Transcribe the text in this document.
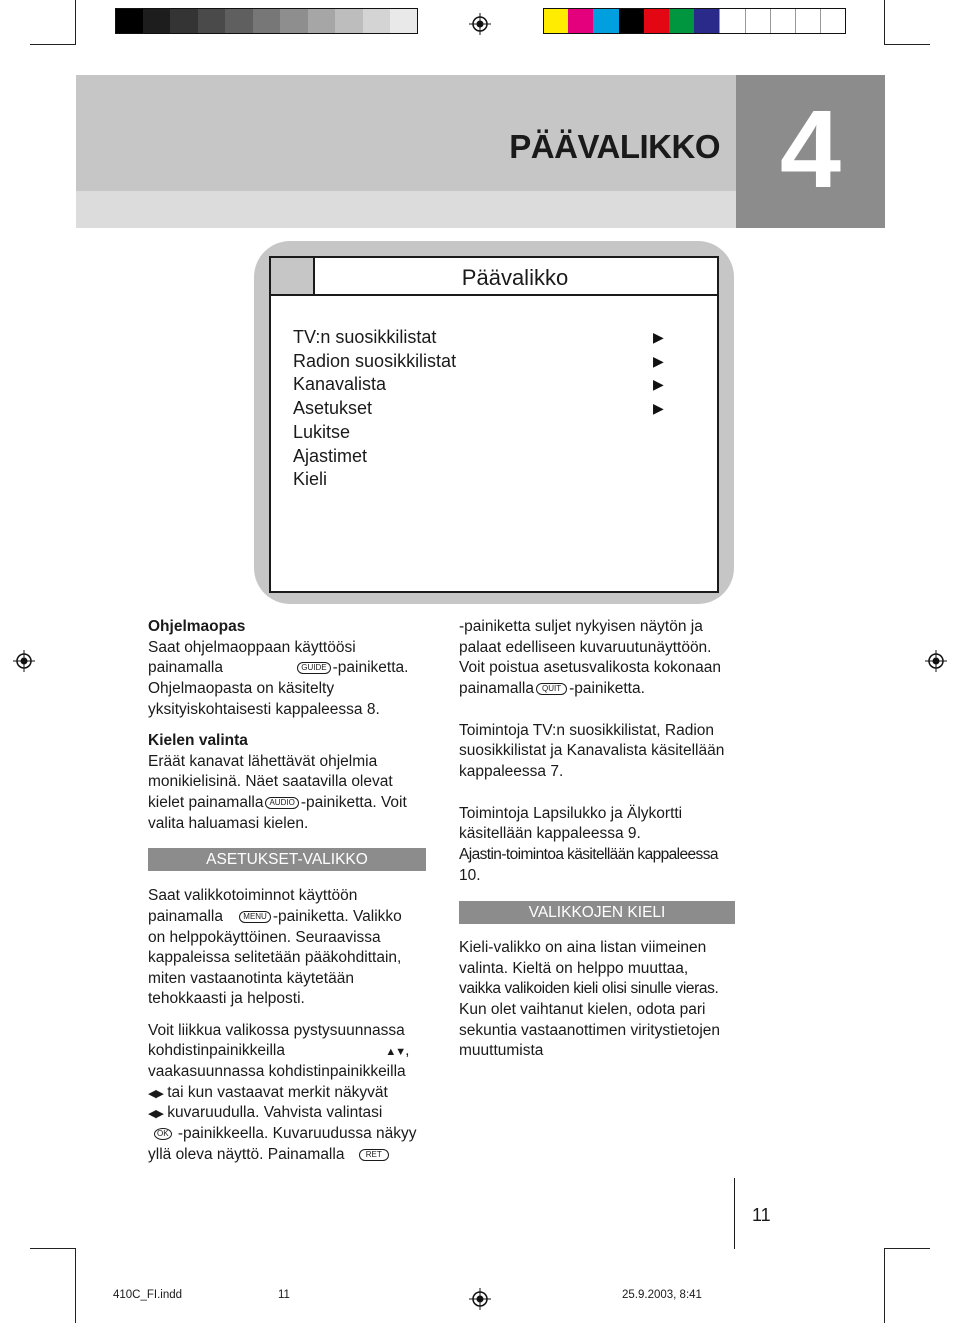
PÄÄVALIKKO 4
Päävalikko
TV:n suosikkilistat	▶
Radion suosikkilistat	▶
Kanavalista	▶
Asetukset	▶
Lukitse
Ajastimet
Kieli
Ohjelmaopas
Saat ohjelmaoppaan käyttöösi
painamalla	GUIDE -painiketta.
Ohjelmaopasta on käsitelty
yksityiskohtaisesti kappaleessa 8.
Kielen valinta
Eräät kanavat lähettävät ohjelmia
monikielisinä. Näet saatavilla olevat
kielet painamalla AUDIO -painiketta. Voit
valita haluamasi kielen.
ASETUKSET-VALIKKO
Saat valikkotoiminnot käyttöön
painamalla	MENU -painiketta. Valikko
on helppokäyttöinen. Seuraavissa
kappaleissa selitetään pääkohdittain,
miten vastaanotinta käytetään
tehokkaasti ja helposti.
Voit liikkua valikossa pystysuunnassa
kohdistinpainikkeilla	▲▼,
vaakasuunnassa kohdistinpainikkeilla
◀▶ tai kun vastaavat merkit näkyvät
◀▶ kuvaruudulla. Vahvista valintasi
OK -painikkeella. Kuvaruudussa näkyy
yllä oleva näyttö. Painamalla	RET
-painiketta suljet nykyisen näytön ja
palaat edelliseen kuvaruutunäyttöön.
Voit poistua asetusvalikosta kokonaan
painamalla QUIT -painiketta.
Toimintoja TV:n suosikkilistat, Radion
suosikkilistat ja Kanavalista käsitellään
kappaleessa 7.
Toimintoja Lapsilukko ja Älykortti
käsitellään kappaleessa 9.
Ajastin-toimintoa käsitellään kappaleessa
10.
VALIKKOJEN KIELI
Kieli-valikko on aina listan viimeinen
valinta. Kieltä on helppo muuttaa,
vaikka valikoiden kieli olisi sinulle vieras.
Kun olet vaihtanut kielen, odota pari
sekuntia vastaanottimen viritystietojen
muuttumista
11
410C_FI.indd	11	25.9.2003, 8:41
